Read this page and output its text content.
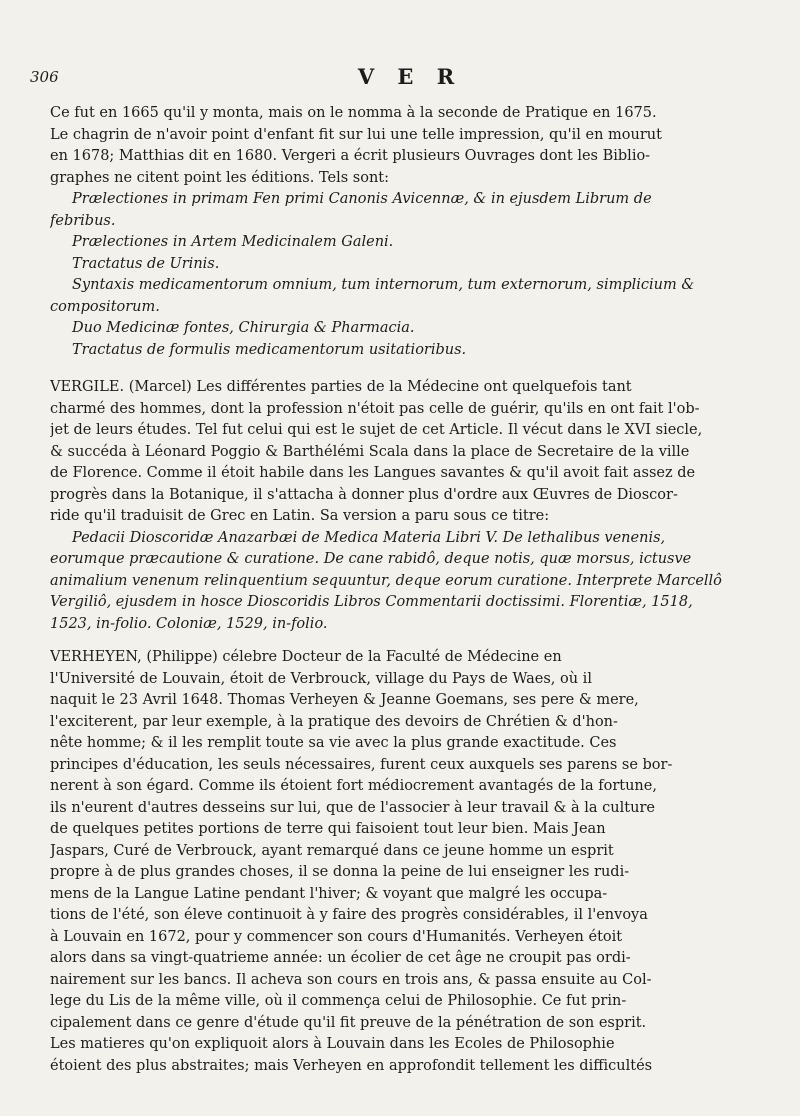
306	V E R
Ce fut en 1665 qu'il y monta, mais on le nomma à la seconde de Pratique en 1675.
Le chagrin de n'avoir point d'enfant fit sur lui une telle impression, qu'il en mourut
en 1678; Matthias dit en 1680. Vergeri a écrit plusieurs Ouvrages dont les Biblio-
graphes ne citent point les éditions. Tels sont:
Prælectiones in primam Fen primi Canonis Avicennæ, & in ejusdem Librum de
febribus.
Prælectiones in Artem Medicinalem Galeni.
Tractatus de Urinis.
Syntaxis medicamentorum omnium, tum internorum, tum externorum, simplicium &
compositorum.
Duo Medicinæ fontes, Chirurgia & Pharmacia.
Tractatus de formulis medicamentorum usitatioribus.
VERGILE. (Marcel) Les différentes parties de la Médecine ont quelquefois tant
charmé des hommes, dont la profession n'étoit pas celle de guérir, qu'ils en ont fait l'ob-
jet de leurs études. Tel fut celui qui est le sujet de cet Article. Il vécut dans le XVI siecle,
& succéda à Léonard Poggio & Barthélémi Scala dans la place de Secretaire de la ville
de Florence. Comme il étoit habile dans les Langues savantes & qu'il avoit fait assez de
progrès dans la Botanique, il s'attacha à donner plus d'ordre aux Œuvres de Dioscor-
ride qu'il traduisit de Grec en Latin. Sa version a paru sous ce titre:
Pedacii Dioscoridæ Anazarbæi de Medica Materia Libri V. De lethalibus venenis,
eorumque præcautione & curatione. De cane rabidô, deque notis, quæ morsus, ictusve
animalium venenum relinquentium sequuntur, deque eorum curatione. Interprete Marcellô
Vergiliô, ejusdem in hosce Dioscoridis Libros Commentarii doctissimi. Florentiæ, 1518,
1523, in-folio. Coloniæ, 1529, in-folio.
VERHEYEN, (Philippe) célebre Docteur de la Faculté de Médecine en
l'Université de Louvain, étoit de Verbrouck, village du Pays de Waes, où il
naquit le 23 Avril 1648. Thomas Verheyen & Jeanne Goemans, ses pere & mere,
l'exciterent, par leur exemple, à la pratique des devoirs de Chrétien & d'hon-
nête homme; & il les remplit toute sa vie avec la plus grande exactitude. Ces
principes d'éducation, les seuls nécessaires, furent ceux auxquels ses parens se bor-
nerent à son égard. Comme ils étoient fort médiocrement avantagés de la fortune,
ils n'eurent d'autres desseins sur lui, que de l'associer à leur travail & à la culture
de quelques petites portions de terre qui faisoient tout leur bien. Mais Jean
Jaspars, Curé de Verbrouck, ayant remarqué dans ce jeune homme un esprit
propre à de plus grandes choses, il se donna la peine de lui enseigner les rudi-
mens de la Langue Latine pendant l'hiver; & voyant que malgré les occupa-
tions de l'été, son éleve continuoit à y faire des progrès considérables, il l'envoya
à Louvain en 1672, pour y commencer son cours d'Humanités. Verheyen étoit
alors dans sa vingt-quatrieme année: un écolier de cet âge ne croupit pas ordi-
nairement sur les bancs. Il acheva son cours en trois ans, & passa ensuite au Col-
lege du Lis de la même ville, où il commença celui de Philosophie. Ce fut prin-
cipalement dans ce genre d'étude qu'il fit preuve de la pénétration de son esprit.
Les matieres qu'on expliquoit alors à Louvain dans les Ecoles de Philosophie
étoient des plus abstraites; mais Verheyen en approfondit tellement les difficultés
